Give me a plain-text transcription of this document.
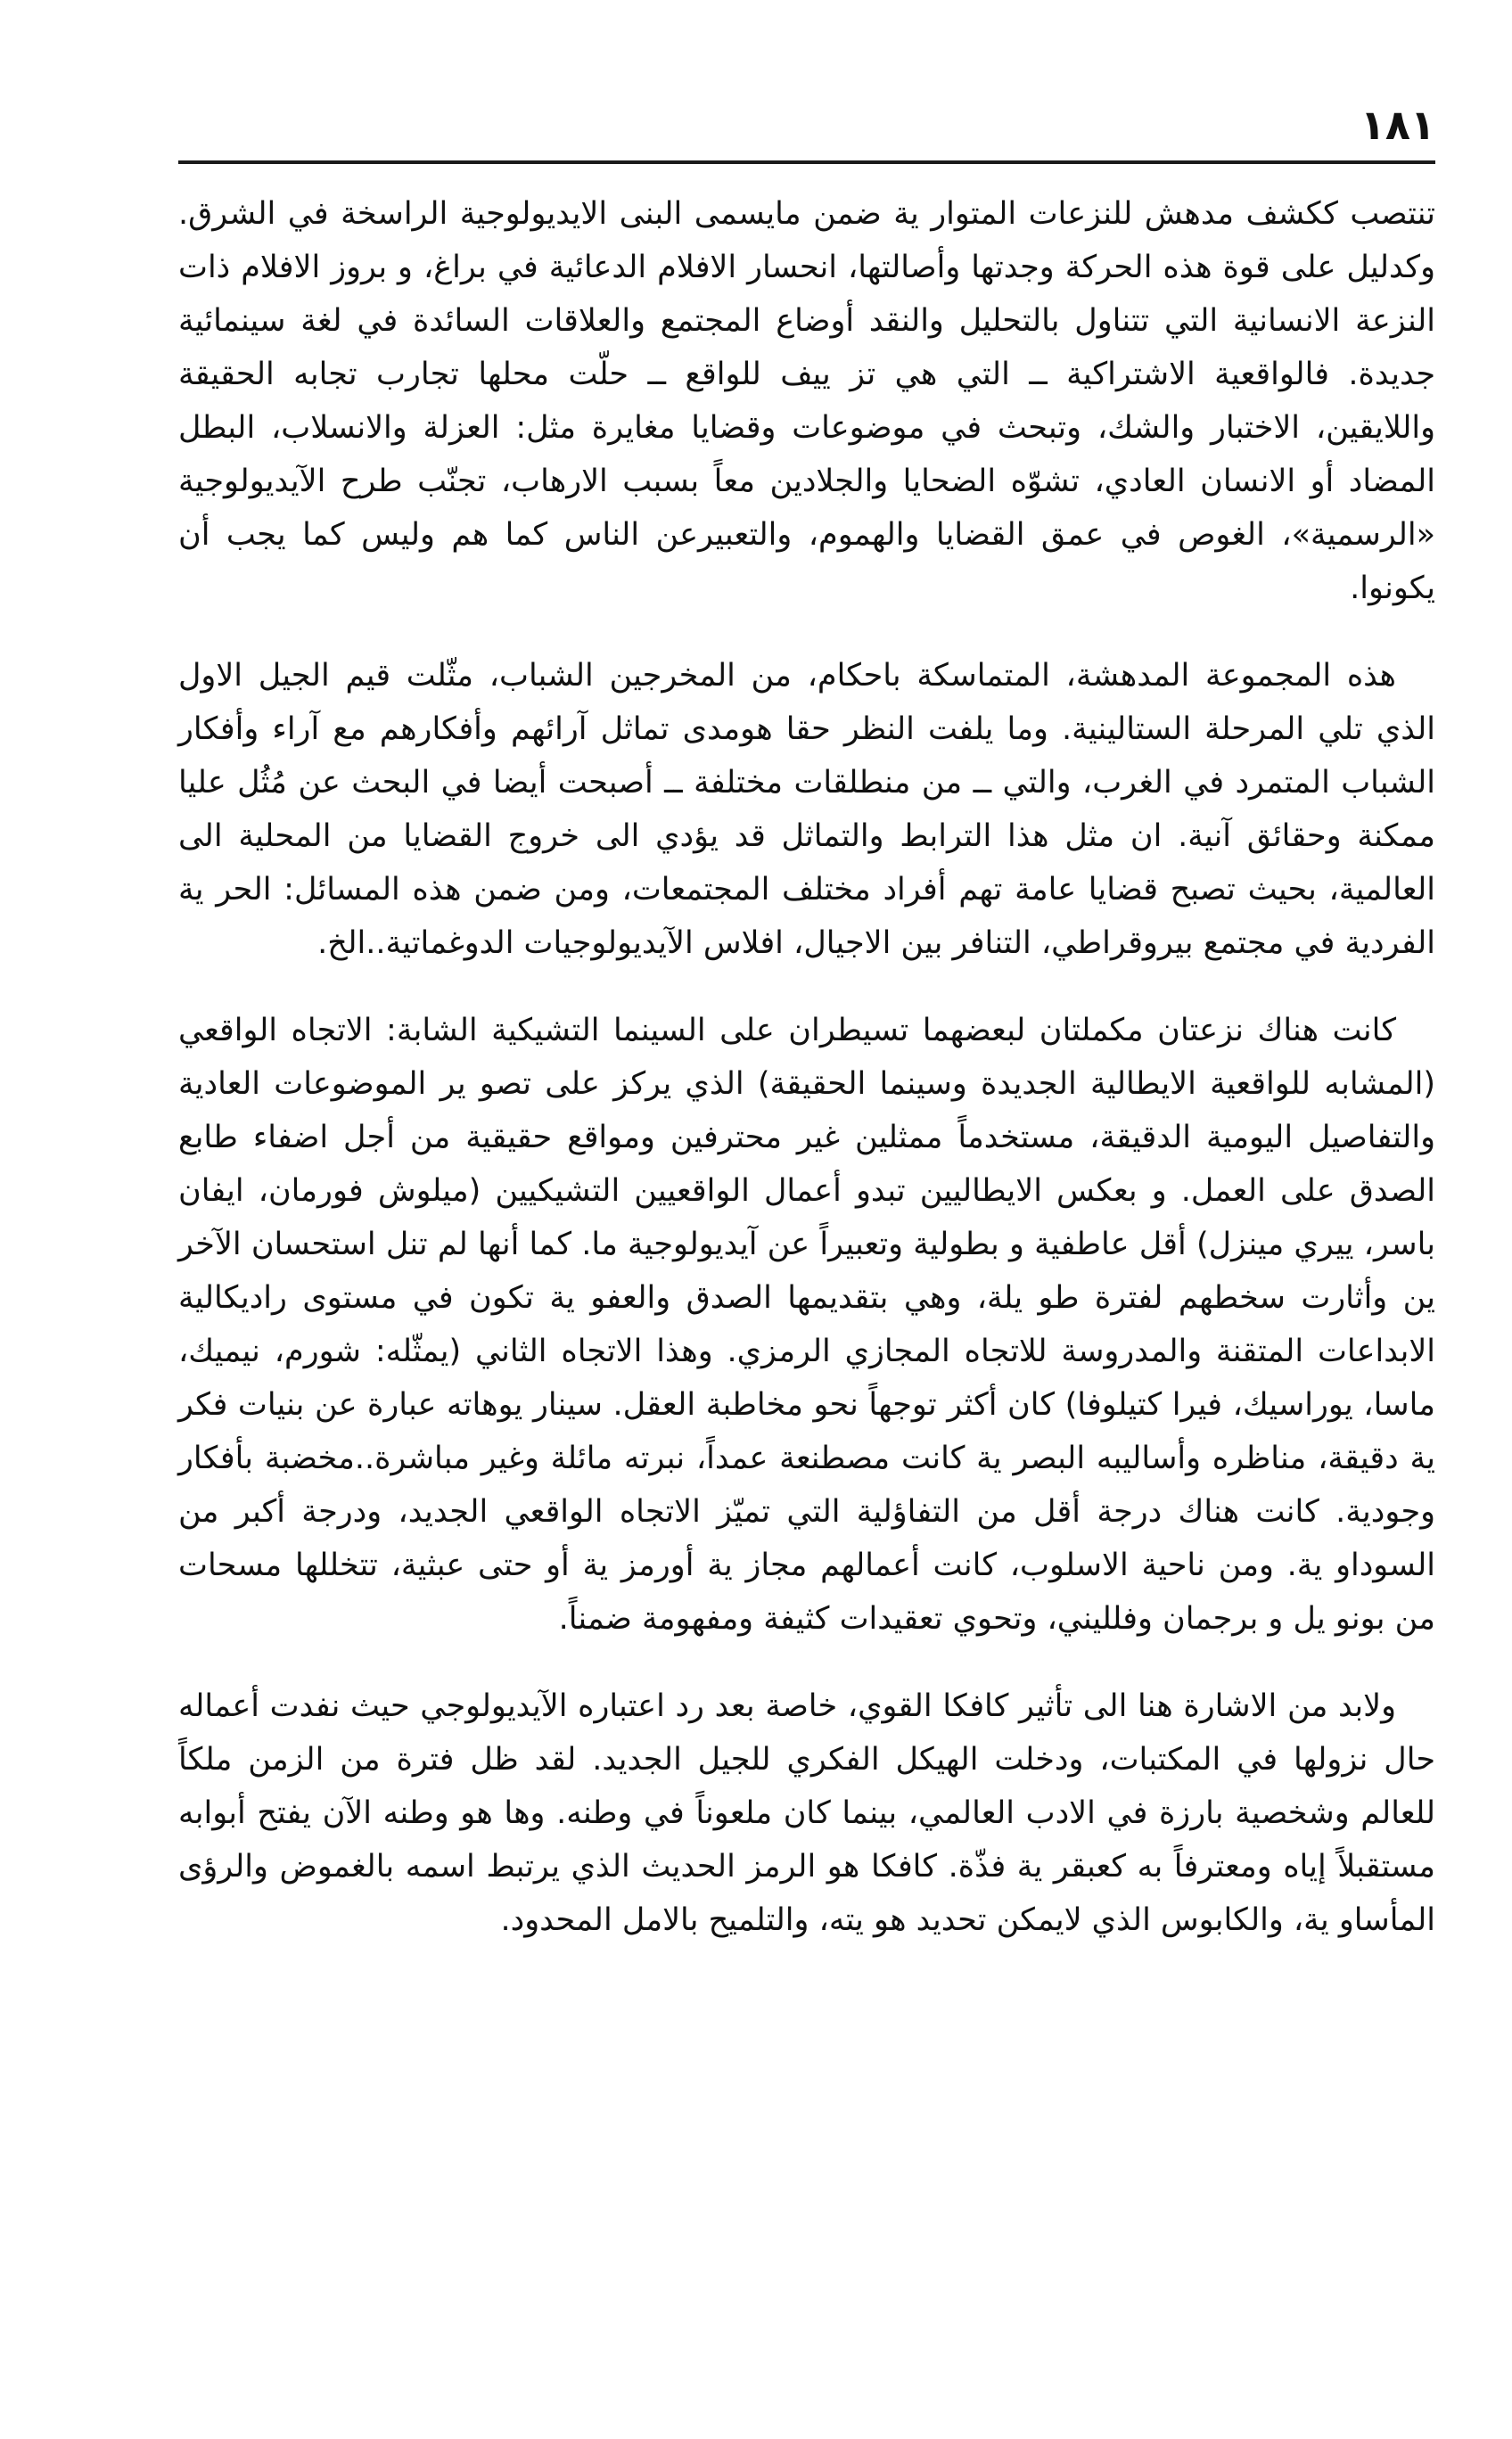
١٨١

تنتصب ككشف مدهش للنزعات المتوار ية ضمن مايسمى البنى الايديولوجية الراسخة في الشرق. وكدليل على قوة هذه الحركة وجدتها وأصالتها، انحسار الافلام الدعائية في براغ، و بروز الافلام ذات النزعة الانسانية التي تتناول بالتحليل والنقد أوضاع المجتمع والعلاقات السائدة في لغة سينمائية جديدة. فالواقعية الاشتراكية ــ التي هي تز ييف للواقع ــ حلّت محلها تجارب تجابه الحقيقة واللايقين، الاختبار والشك، وتبحث في موضوعات وقضايا مغايرة مثل: العزلة والانسلاب، البطل المضاد أو الانسان العادي، تشوّه الضحايا والجلادين معاً بسبب الارهاب، تجنّب طرح الآيديولوجية «الرسمية»، الغوص في عمق القضايا والهموم، والتعبيرعن الناس كما هم وليس كما يجب أن يكونوا.

هذه المجموعة المدهشة، المتماسكة باحكام، من المخرجين الشباب، مثّلت قيم الجيل الاول الذي تلي المرحلة الستالينية. وما يلفت النظر حقا هومدى تماثل آرائهم وأفكارهم مع آراء وأفكار الشباب المتمرد في الغرب، والتي ــ من منطلقات مختلفة ــ أصبحت أيضا في البحث عن مُثُل عليا ممكنة وحقائق آنية. ان مثل هذا الترابط والتماثل قد يؤدي الى خروج القضايا من المحلية الى العالمية، بحيث تصبح قضايا عامة تهم أفراد مختلف المجتمعات، ومن ضمن هذه المسائل: الحر ية الفردية في مجتمع بيروقراطي، التنافر بين الاجيال، افلاس الآيديولوجيات الدوغماتية..الخ.

كانت هناك نزعتان مكملتان لبعضهما تسيطران على السينما التشيكية الشابة: الاتجاه الواقعي (المشابه للواقعية الايطالية الجديدة وسينما الحقيقة) الذي يركز على تصو ير الموضوعات العادية والتفاصيل اليومية الدقيقة، مستخدماً ممثلين غير محترفين ومواقع حقيقية من أجل اضفاء طابع الصدق على العمل. و بعكس الايطاليين تبدو أعمال الواقعيين التشيكيين (ميلوش فورمان، ايفان باسر، ييري مينزل) أقل عاطفية و بطولية وتعبيراً عن آيديولوجية ما. كما أنها لم تنل استحسان الآخر ين وأثارت سخطهم لفترة طو يلة، وهي بتقديمها الصدق والعفو ية تكون في مستوى راديكالية الابداعات المتقنة والمدروسة للاتجاه المجازي الرمزي. وهذا الاتجاه الثاني (يمثّله: شورم، نيميك، ماسا، يوراسيك، فيرا كتيلوفا) كان أكثر توجهاً نحو مخاطبة العقل. سينار يوهاته عبارة عن بنيات فكر ية دقيقة، مناظره وأساليبه البصر ية كانت مصطنعة عمداً، نبرته مائلة وغير مباشرة..مخضبة بأفكار وجودية. كانت هناك درجة أقل من التفاؤلية التي تميّز الاتجاه الواقعي الجديد، ودرجة أكبر من السوداو ية. ومن ناحية الاسلوب، كانت أعمالهم مجاز ية أورمز ية أو حتى عبثية، تتخللها مسحات من بونو يل و برجمان وفلليني، وتحوي تعقيدات كثيفة ومفهومة ضمناً.

ولابد من الاشارة هنا الى تأثير كافكا القوي، خاصة بعد رد اعتباره الآيديولوجي حيث نفدت أعماله حال نزولها في المكتبات، ودخلت الهيكل الفكري للجيل الجديد. لقد ظل فترة من الزمن ملكاً للعالم وشخصية بارزة في الادب العالمي، بينما كان ملعوناً في وطنه. وها هو وطنه الآن يفتح أبوابه مستقبلاً إياه ومعترفاً به كعبقر ية فذّة. كافكا هو الرمز الحديث الذي يرتبط اسمه بالغموض والرؤى المأساو ية، والكابوس الذي لايمكن تحديد هو يته، والتلميح بالامل المحدود.
